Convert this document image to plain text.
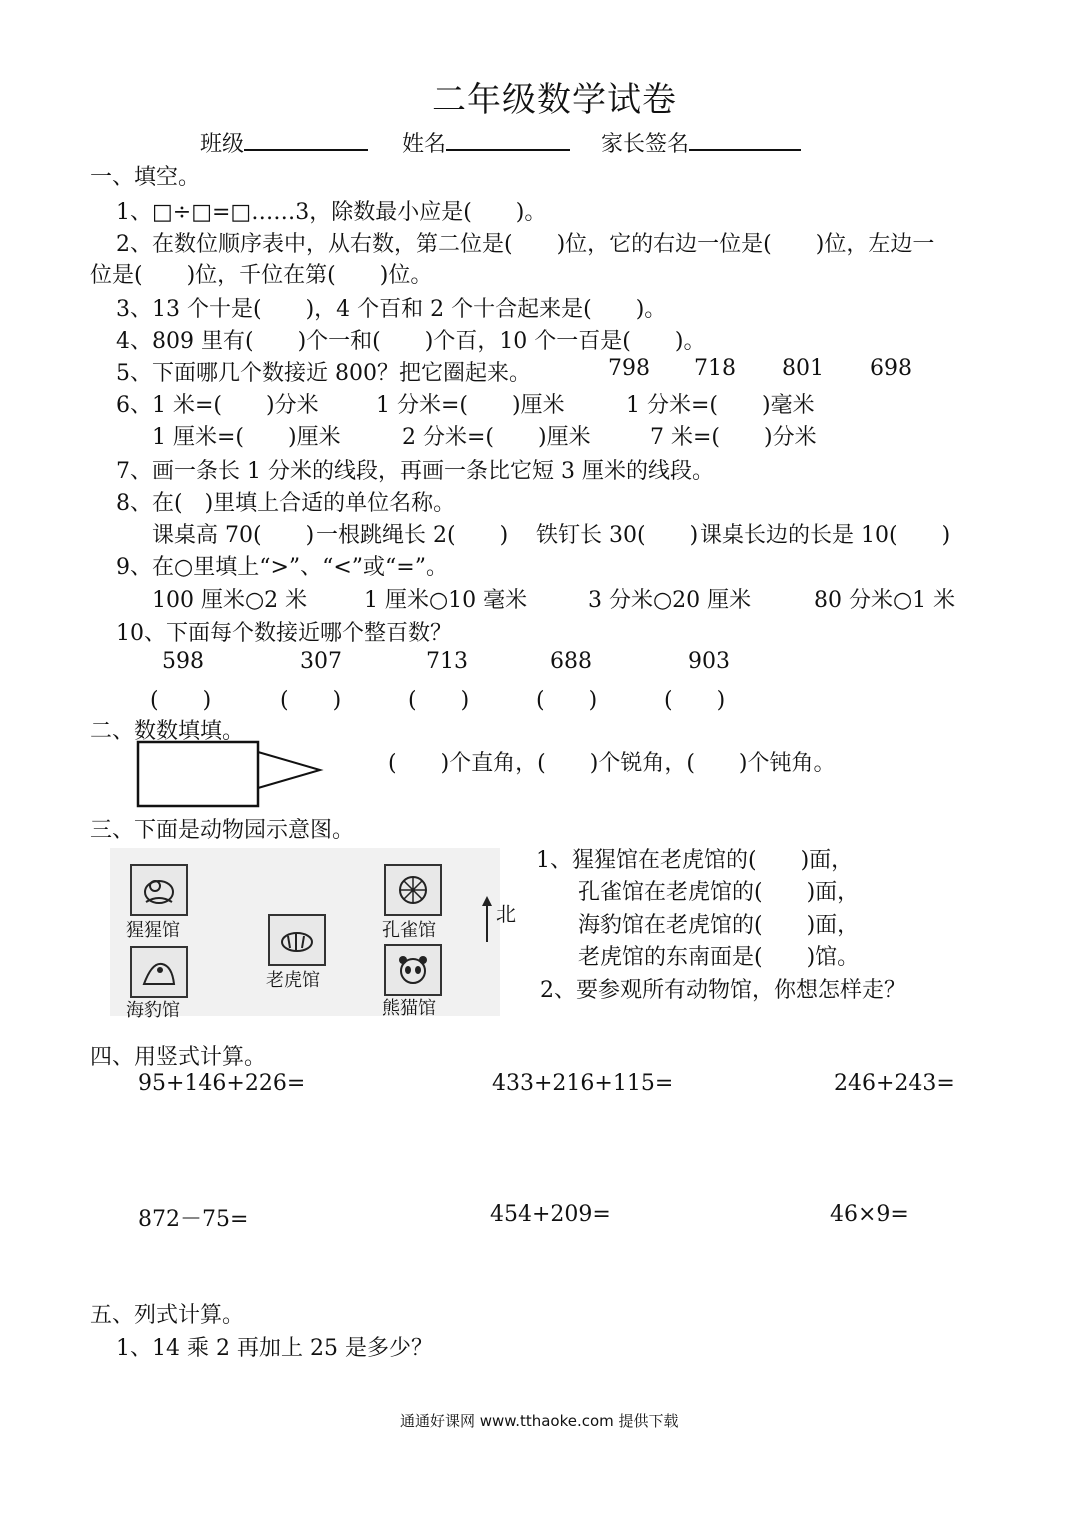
二年级数学试卷
班级	姓名	家长签名
一、填空。
1、□÷□=□……3，除数最小应是(　　)。
2、在数位顺序表中，从右数，第二位是(　　)位，它的右边一位是(　　)位，左边一
位是(　　)位，千位在第(　　)位。
3、13 个十是(　　)，4 个百和 2 个十合起来是(　　)。
4、809 里有(　　)个一和(　　)个百，10 个一百是(　　)。
5、下面哪几个数接近 800？把它圈起来。	798 718 801 698
6、1 米=(　　)分米	1 分米=(　　)厘米	1 分米=(　　)毫米
1 厘米=(　　)厘米	2 分米=(　　)厘米	7 米=(　　)分米
7、画一条长 1 分米的线段，再画一条比它短 3 厘米的线段。
8、在(　)里填上合适的单位名称。
课桌高 70(　　) 一根跳绳长 2(　　) 铁钉长 30(　　) 课桌长边的长是 10(　　)
9、在○里填上“>”、“<”或“=”。
100 厘米○2 米	1 厘米○10 毫米	3 分米○20 厘米	80 分米○1 米
10、下面每个数接近哪个整百数？
598	307	713	688	903
(　　)	(　　)	(　　)	(　　)	(　　)
二、数数填填。
(　　)个直角，(　　)个锐角，(　　)个钝角。
三、下面是动物园示意图。
猩猩馆
海豹馆
老虎馆
孔雀馆
熊猫馆
北
1、猩猩馆在老虎馆的(　　)面，
孔雀馆在老虎馆的(　　)面，
海豹馆在老虎馆的(　　)面，
老虎馆的东南面是(　　)馆。
2、要参观所有动物馆，你想怎样走？
四、用竖式计算。
95+146+226=	433+216+115=	246+243=
872－75=	454+209=	46×9=
五、列式计算。
1、14 乘 2 再加上 25 是多少？
通通好课网 www.tthaoke.com 提供下载
